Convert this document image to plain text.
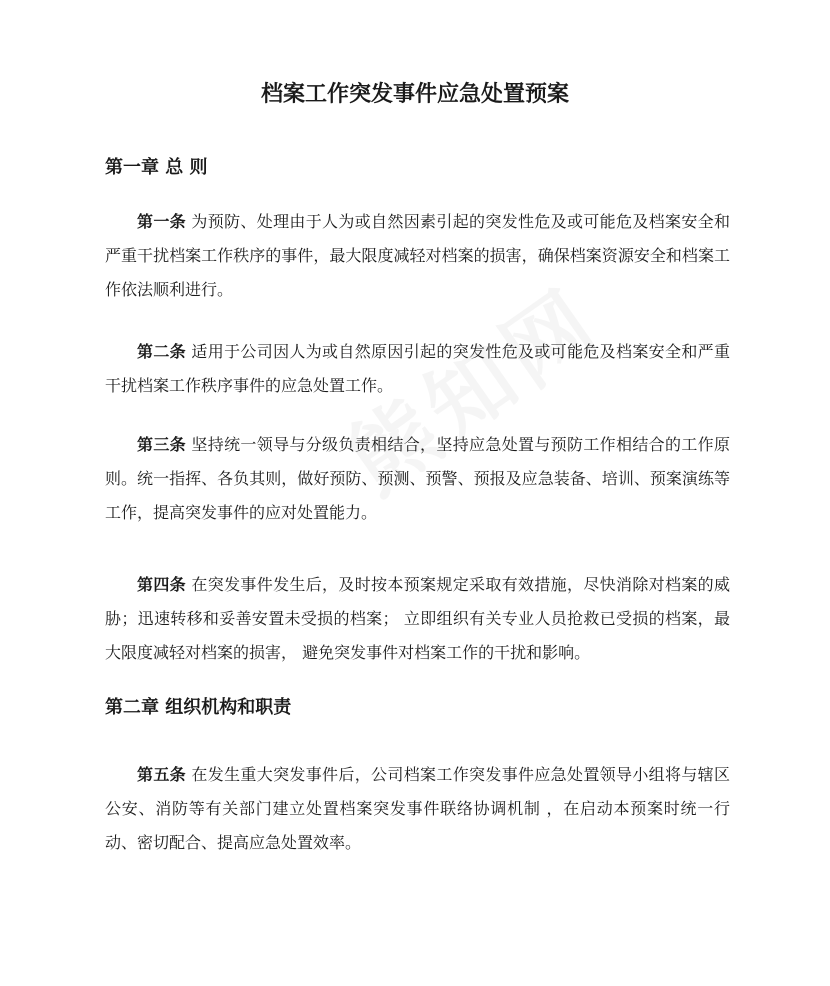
档案工作突发事件应急处置预案
第一章 总 则

第一条 为预防、处理由于人为或自然因素引起的突发性危及或可能危及档案安全和严重干扰档案工作秩序的事件，最大限度减轻对档案的损害，确保档案资源安全和档案工作依法顺利进行。

第二条 适用于公司因人为或自然原因引起的突发性危及或可能危及档案安全和严重干扰档案工作秩序事件的应急处置工作。

第三条 坚持统一领导与分级负责相结合，坚持应急处置与预防工作相结合的工作原则。统一指挥、各负其则，做好预防、预测、预警、预报及应急装备、培训、预案演练等工作，提高突发事件的应对处置能力。

第四条 在突发事件发生后，及时按本预案规定采取有效措施，尽快消除对档案的威胁；迅速转移和妥善安置未受损的档案； 立即组织有关专业人员抢救已受损的档案，最大限度减轻对档案的损害， 避免突发事件对档案工作的干扰和影响。

第二章 组织机构和职责

第五条 在发生重大突发事件后，公司档案工作突发事件应急处置领导小组将与辖区公安、消防等有关部门建立处置档案突发事件联络协调机制 ，在启动本预案时统一行动、密切配合、提高应急处置效率。
